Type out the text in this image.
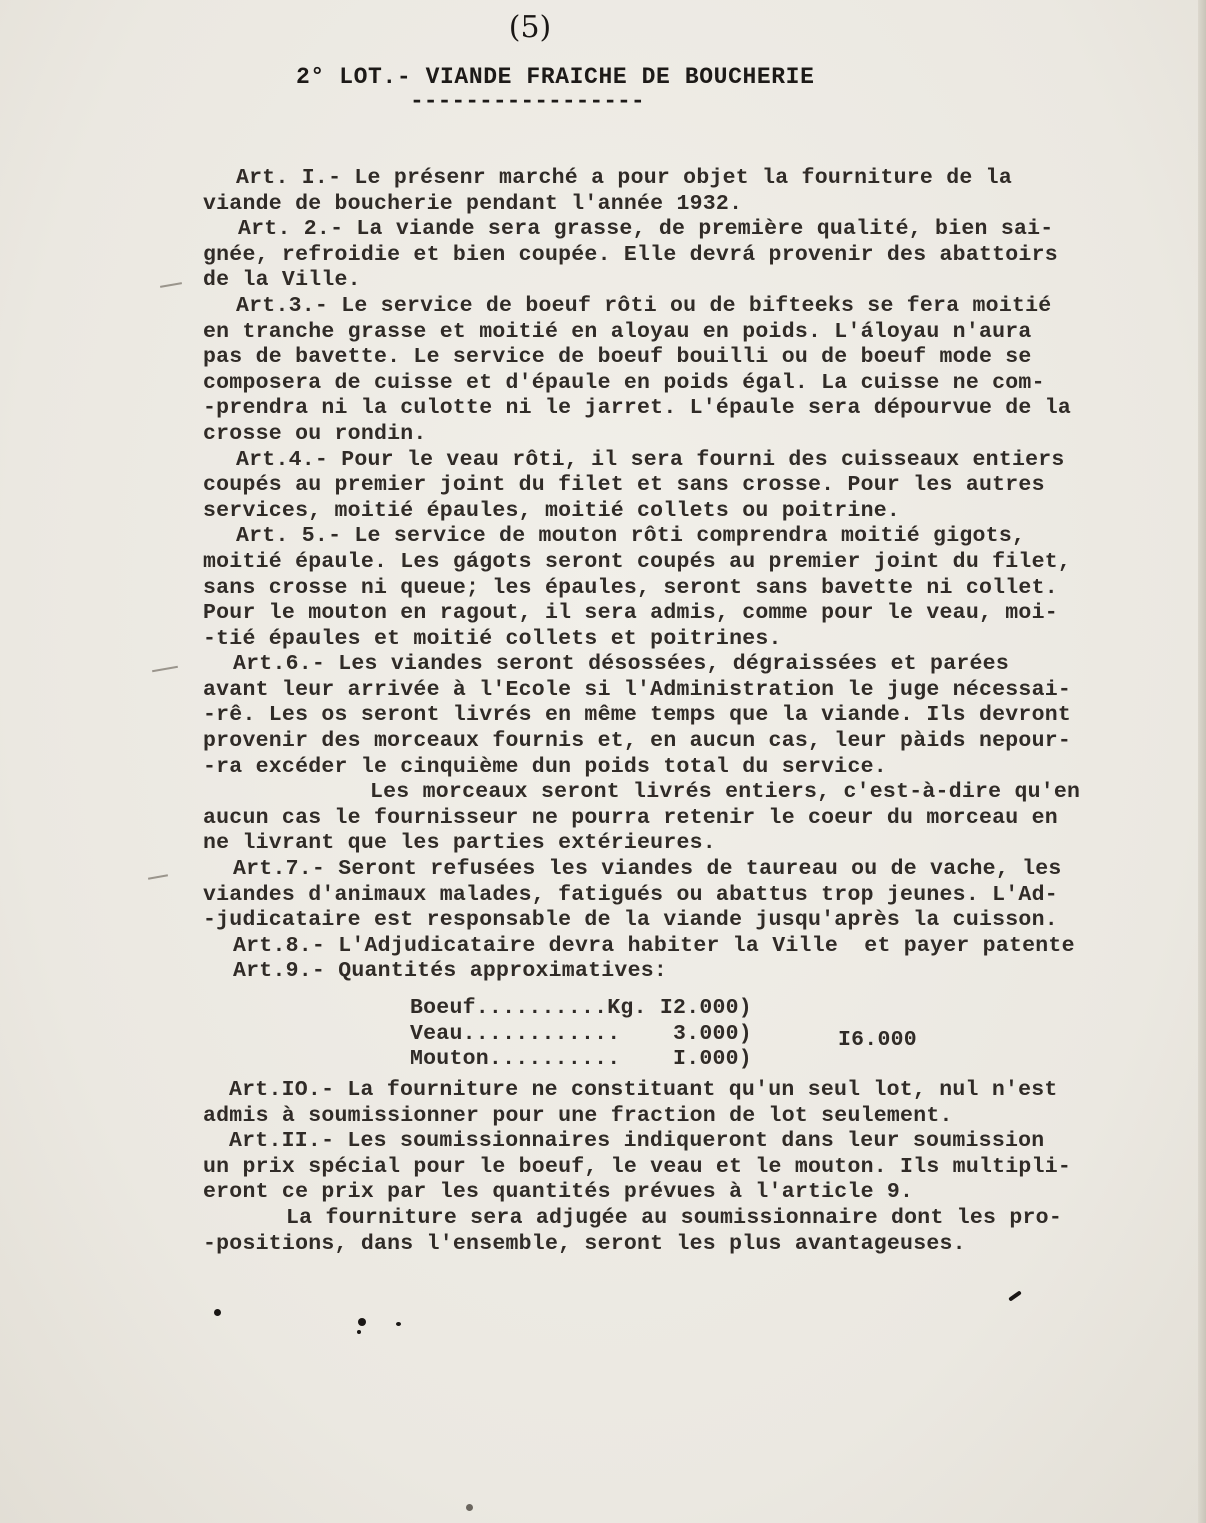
(5)
2° LOT.- VIANDE FRAICHE DE BOUCHERIE
-----------------
Art. I.- Le présenr marché a pour objet la fourniture de la
viande de boucherie pendant l'année 1932.
Art. 2.- La viande sera grasse, de première qualité, bien sai-
gnée, refroidie et bien coupée. Elle devrá provenir des abattoirs
de la Ville.
Art.3.- Le service de boeuf rôti ou de bifteeks se fera moitié
en tranche grasse et moitié en aloyau en poids. L'áloyau n'aura
pas de bavette. Le service de boeuf bouilli ou de boeuf mode se
composera de cuisse et d'épaule en poids égal. La cuisse ne com-
-prendra ni la culotte ni le jarret. L'épaule sera dépourvue de la
crosse ou rondin.
Art.4.- Pour le veau rôti, il sera fourni des cuisseaux entiers
coupés au premier joint du filet et sans crosse. Pour les autres
services, moitié épaules, moitié collets ou poitrine.
Art. 5.- Le service de mouton rôti comprendra moitié gigots,
moitié épaule. Les gágots seront coupés au premier joint du filet,
sans crosse ni queue; les épaules, seront sans bavette ni collet.
Pour le mouton en ragout, il sera admis, comme pour le veau, moi-
-tié épaules et moitié collets et poitrines.
Art.6.- Les viandes seront désossées, dégraissées et parées
avant leur arrivée à l'Ecole si l'Administration le juge nécessai-
-rê. Les os seront livrés en même temps que la viande. Ils devront
provenir des morceaux fournis et, en aucun cas, leur pàids nepour-
-ra excéder le cinquième dun poids total du service.
Les morceaux seront livrés entiers, c'est-à-dire qu'en
aucun cas le fournisseur ne pourra retenir le coeur du morceau en
ne livrant que les parties extérieures.
Art.7.- Seront refusées les viandes de taureau ou de vache, les
viandes d'animaux malades, fatigués ou abattus trop jeunes. L'Ad-
-judicataire est responsable de la viande jusqu'après la cuisson.
Art.8.- L'Adjudicataire devra habiter la Ville  et payer patente
Art.9.- Quantités approximatives:
Boeuf..........Kg. I2.000)
Veau............    3.000)
Mouton..........    I.000)
I6.000
Art.IO.- La fourniture ne constituant qu'un seul lot, nul n'est
admis à soumissionner pour une fraction de lot seulement.
Art.II.- Les soumissionnaires indiqueront dans leur soumission
un prix spécial pour le boeuf, le veau et le mouton. Ils multipli-
eront ce prix par les quantités prévues à l'article 9.
La fourniture sera adjugée au soumissionnaire dont les pro-
-positions, dans l'ensemble, seront les plus avantageuses.
